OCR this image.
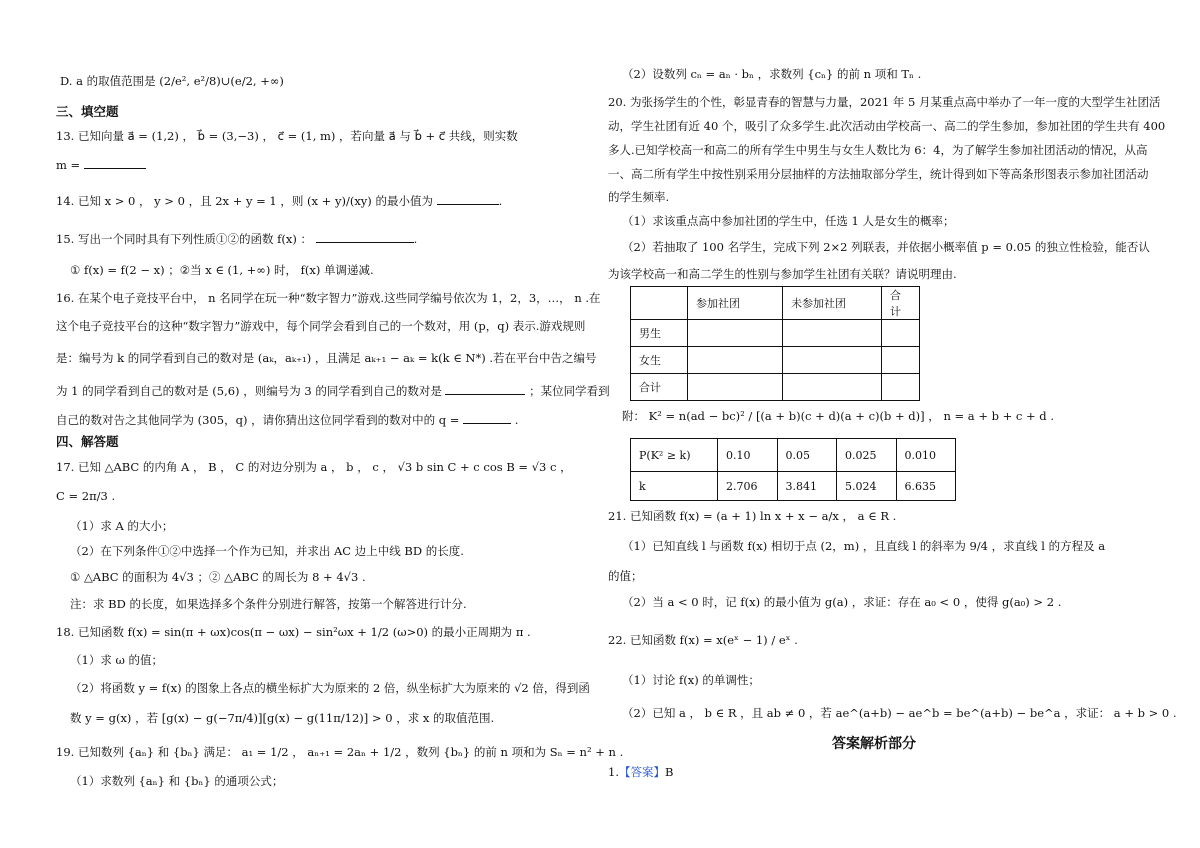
D. a 的取值范围是 (2/e², e²/8)∪(e/2, +∞)
三、填空题
13. 已知向量 a⃗ = (1,2) ， b⃗ = (3,−3) ， c⃗ = (1, m) ，若向量 a⃗ 与 b⃗ + c⃗ 共线，则实数
m =
14. 已知 x > 0 ， y > 0 ，且 2x + y = 1 ，则 (x + y)/(xy) 的最小值为	.
15. 写出一个同时具有下列性质①②的函数 f(x) ：	.
① f(x) = f(2 − x) ；②当 x ∈ (1, +∞) 时， f(x) 单调递减.
16. 在某个电子竞技平台中， n 名同学在玩一种“数字智力”游戏.这些同学编号依次为 1，2，3，…， n .在
这个电子竞技平台的这种“数字智力”游戏中，每个同学会看到自己的一个数对，用 (p，q) 表示.游戏规则
是：编号为 k 的同学看到自己的数对是 (aₖ，aₖ₊₁) ，且满足 aₖ₊₁ − aₖ = k(k ∈ N*) .若在平台中告之编号
为 1 的同学看到自己的数对是 (5,6) ，则编号为 3 的同学看到自己的数对是	；某位同学看到
自己的数对告之其他同学为 (305，q) ，请你猜出这位同学看到的数对中的 q =	.
四、解答题
17. 已知 △ABC 的内角 A ， B ， C 的对边分别为 a ， b ， c ， √3 b sin C + c cos B = √3 c ，
C = 2π/3 .
（1）求 A 的大小；
（2）在下列条件①②中选择一个作为已知，并求出 AC 边上中线 BD 的长度.
① △ABC 的面积为 4√3 ；② △ABC 的周长为 8 + 4√3 .
注：求 BD 的长度，如果选择多个条件分别进行解答，按第一个解答进行计分.
18. 已知函数 f(x) = sin(π + ωx)cos(π − ωx) − sin²ωx + 1/2 (ω>0) 的最小正周期为 π .
（1）求 ω 的值；
（2）将函数 y = f(x) 的图象上各点的横坐标扩大为原来的 2 倍，纵坐标扩大为原来的 √2 倍，得到函
数 y = g(x) ，若 [g(x) − g(−7π/4)][g(x) − g(11π/12)] > 0 ，求 x 的取值范围.
19. 已知数列 {aₙ} 和 {bₙ} 满足： a₁ = 1/2 ， aₙ₊₁ = 2aₙ + 1/2 ，数列 {bₙ} 的前 n 项和为 Sₙ = n² + n .
（1）求数列 {aₙ} 和 {bₙ} 的通项公式；
（2）设数列 cₙ = aₙ · bₙ ，求数列 {cₙ} 的前 n 项和 Tₙ .
20. 为张扬学生的个性，彰显青春的智慧与力量，2021 年 5 月某重点高中举办了一年一度的大型学生社团活
动，学生社团有近 40 个，吸引了众多学生.此次活动由学校高一、高二的学生参加，参加社团的学生共有 400
多人.已知学校高一和高二的所有学生中男生与女生人数比为 6：4，为了解学生参加社团活动的情况，从高
一、高二所有学生中按性别采用分层抽样的方法抽取部分学生，统计得到如下等高条形图表示参加社团活动
的学生频率.
（1）求该重点高中参加社团的学生中，任选 1 人是女生的概率；
（2）若抽取了 100 名学生，完成下列 2×2 列联表，并依据小概率值 p = 0.05 的独立性检验，能否认
为该学校高一和高二学生的性别与参加学生社团有关联？请说明理由.
	参加社团	未参加社团	合计
男生			
女生			
合计			
附： K² = n(ad − bc)² / [(a + b)(c + d)(a + c)(b + d)] ， n = a + b + c + d .
P(K² ≥ k)	0.10	0.05	0.025	0.010
k	2.706	3.841	5.024	6.635
21. 已知函数 f(x) = (a + 1) ln x + x − a/x ， a ∈ R .
（1）已知直线 l 与函数 f(x) 相切于点 (2，m) ，且直线 l 的斜率为 9/4 ，求直线 l 的方程及 a
的值；
（2）当 a < 0 时，记 f(x) 的最小值为 g(a) ，求证：存在 a₀ < 0 ，使得 g(a₀) > 2 .
22. 已知函数 f(x) = x(eˣ − 1) / eˣ .
（1）讨论 f(x) 的单调性；
（2）已知 a ， b ∈ R ，且 ab ≠ 0 ，若 ae^(a+b) − ae^b = be^(a+b) − be^a ，求证： a + b > 0 .
答案解析部分
1.【答案】B
